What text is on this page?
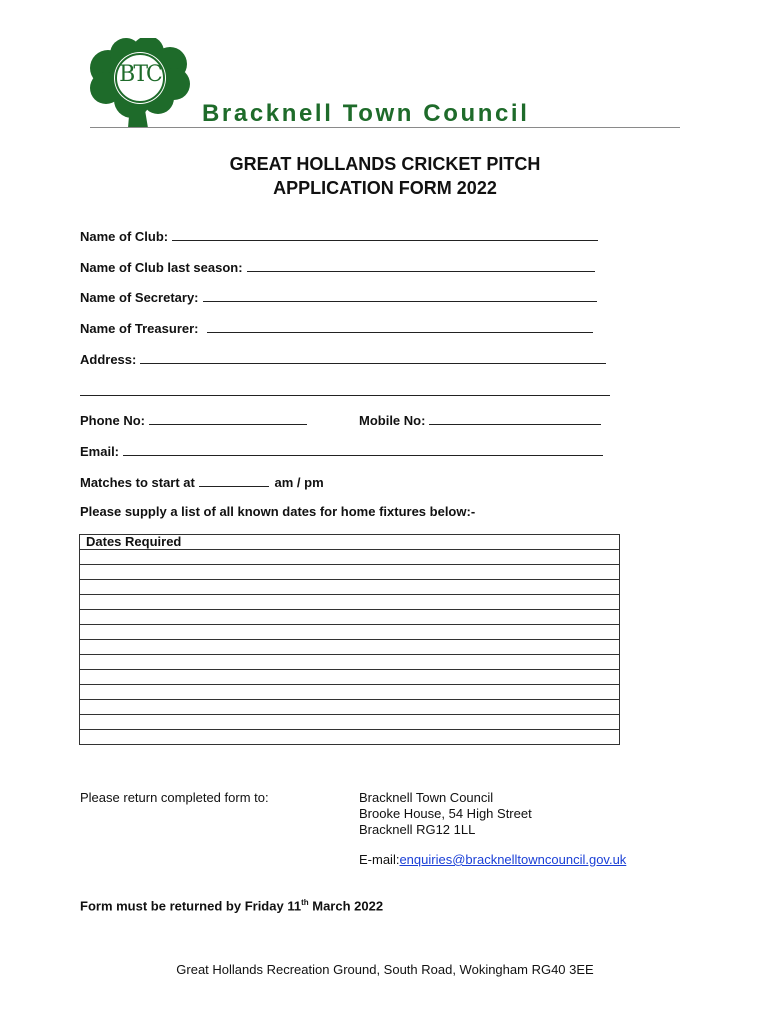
BTC
Bracknell Town Council
GREAT HOLLANDS CRICKET PITCH
APPLICATION FORM 2022
Name of Club:
Name of Club last season:
Name of Secretary:
Name of Treasurer:
Address:
Phone No:	Mobile No:
Email:
Matches to start at	am / pm
Please supply a list of all known dates for home fixtures below:-
Dates Required

Please return completed form to:	Bracknell Town Council
Brooke House, 54 High Street
Bracknell RG12 1LL
E-mail:enquiries@bracknelltowncouncil.gov.uk
Form must be returned by Friday 11th March 2022
Great Hollands Recreation Ground, South Road, Wokingham RG40 3EE
